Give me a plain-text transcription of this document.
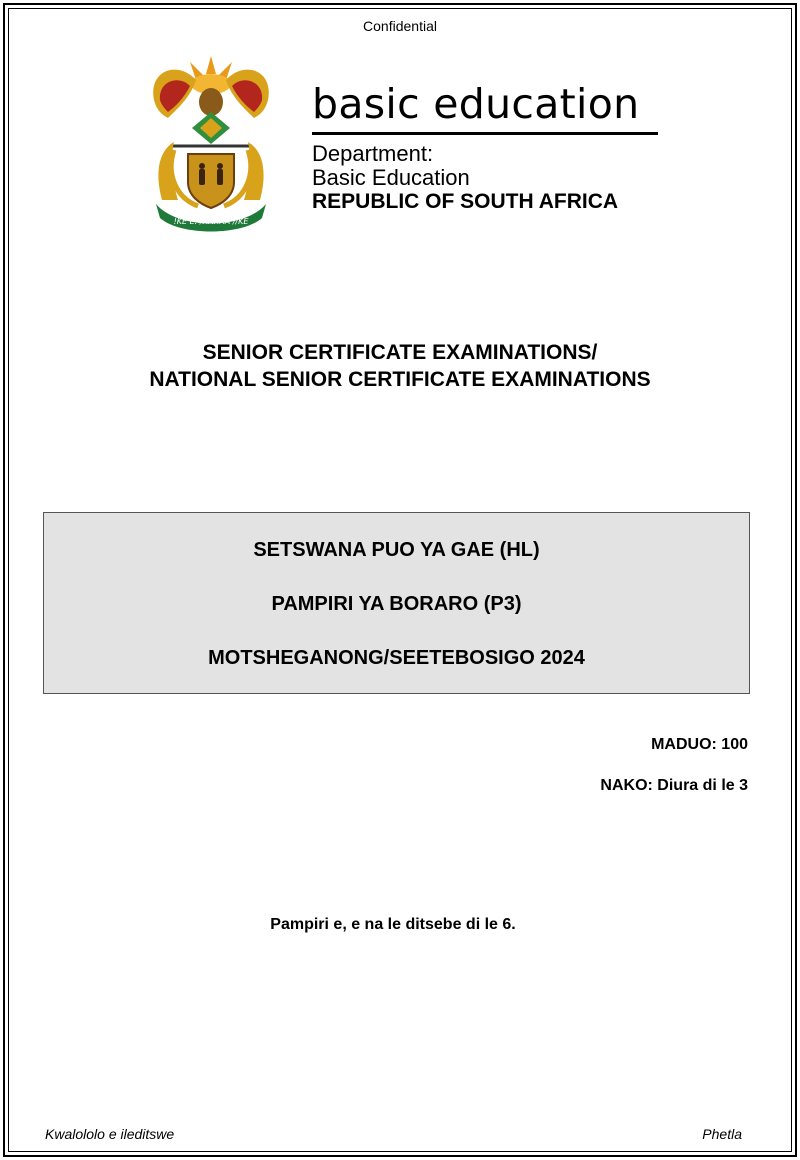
Confidential
!KE E: /XARRA //KE
basic education
Department:
Basic Education
REPUBLIC OF SOUTH AFRICA
SENIOR CERTIFICATE EXAMINATIONS/
NATIONAL SENIOR CERTIFICATE EXAMINATIONS
SETSWANA PUO YA GAE (HL)
PAMPIRI YA BORARO (P3)
MOTSHEGANONG/SEETEBOSIGO 2024
MADUO: 100
NAKO: Diura di le 3
Pampiri e, e na le ditsebe di le 6.
Kwalololo e ileditswe	Phetla
